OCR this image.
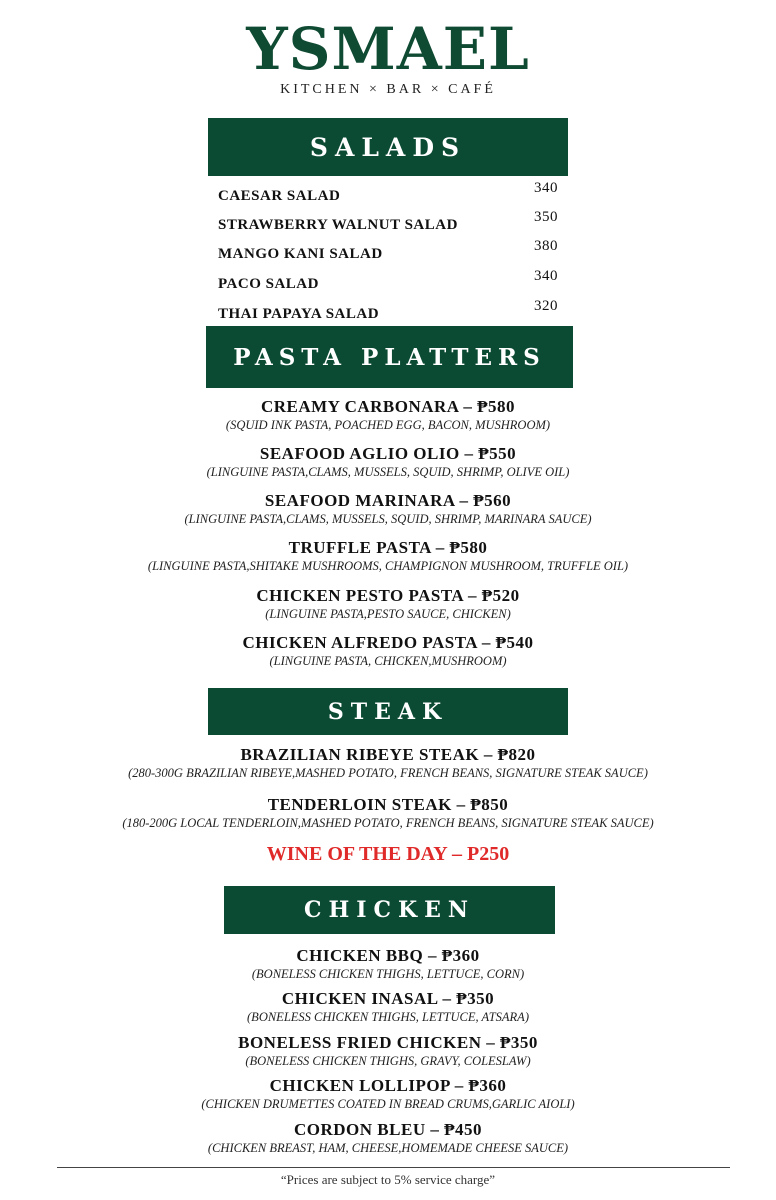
YSMAEL
KITCHEN × BAR × CAFÉ
SALADS
CAESAR SALAD	340
STRAWBERRY WALNUT SALAD	350
MANGO KANI SALAD	380
PACO SALAD	340
THAI PAPAYA SALAD	320
PASTA PLATTERS
CREAMY CARBONARA – ₱580
(SQUID INK PASTA, POACHED EGG, BACON, MUSHROOM)
SEAFOOD AGLIO OLIO – ₱550
(LINGUINE PASTA,CLAMS, MUSSELS, SQUID, SHRIMP, OLIVE OIL)
SEAFOOD MARINARA – ₱560
(LINGUINE PASTA,CLAMS, MUSSELS, SQUID, SHRIMP, MARINARA SAUCE)
TRUFFLE PASTA – ₱580
(LINGUINE PASTA,SHITAKE MUSHROOMS, CHAMPIGNON MUSHROOM, TRUFFLE OIL)
CHICKEN PESTO PASTA – ₱520
(LINGUINE PASTA,PESTO SAUCE, CHICKEN)
CHICKEN ALFREDO PASTA – ₱540
(LINGUINE PASTA, CHICKEN,MUSHROOM)
STEAK
BRAZILIAN RIBEYE STEAK – ₱820
(280-300G BRAZILIAN RIBEYE,MASHED POTATO, FRENCH BEANS, SIGNATURE STEAK SAUCE)
TENDERLOIN STEAK – ₱850
(180-200G LOCAL TENDERLOIN,MASHED POTATO, FRENCH BEANS, SIGNATURE STEAK SAUCE)
WINE OF THE DAY – P250
CHICKEN
CHICKEN BBQ – ₱360
(BONELESS CHICKEN THIGHS, LETTUCE, CORN)
CHICKEN INASAL – ₱350
(BONELESS CHICKEN THIGHS, LETTUCE, ATSARA)
BONELESS FRIED CHICKEN – ₱350
(BONELESS CHICKEN THIGHS, GRAVY, COLESLAW)
CHICKEN LOLLIPOP – ₱360
(CHICKEN DRUMETTES COATED IN BREAD CRUMS,GARLIC AIOLI)
CORDON BLEU – ₱450
(CHICKEN BREAST, HAM, CHEESE,HOMEMADE CHEESE SAUCE)
“Prices are subject to 5% service charge”
